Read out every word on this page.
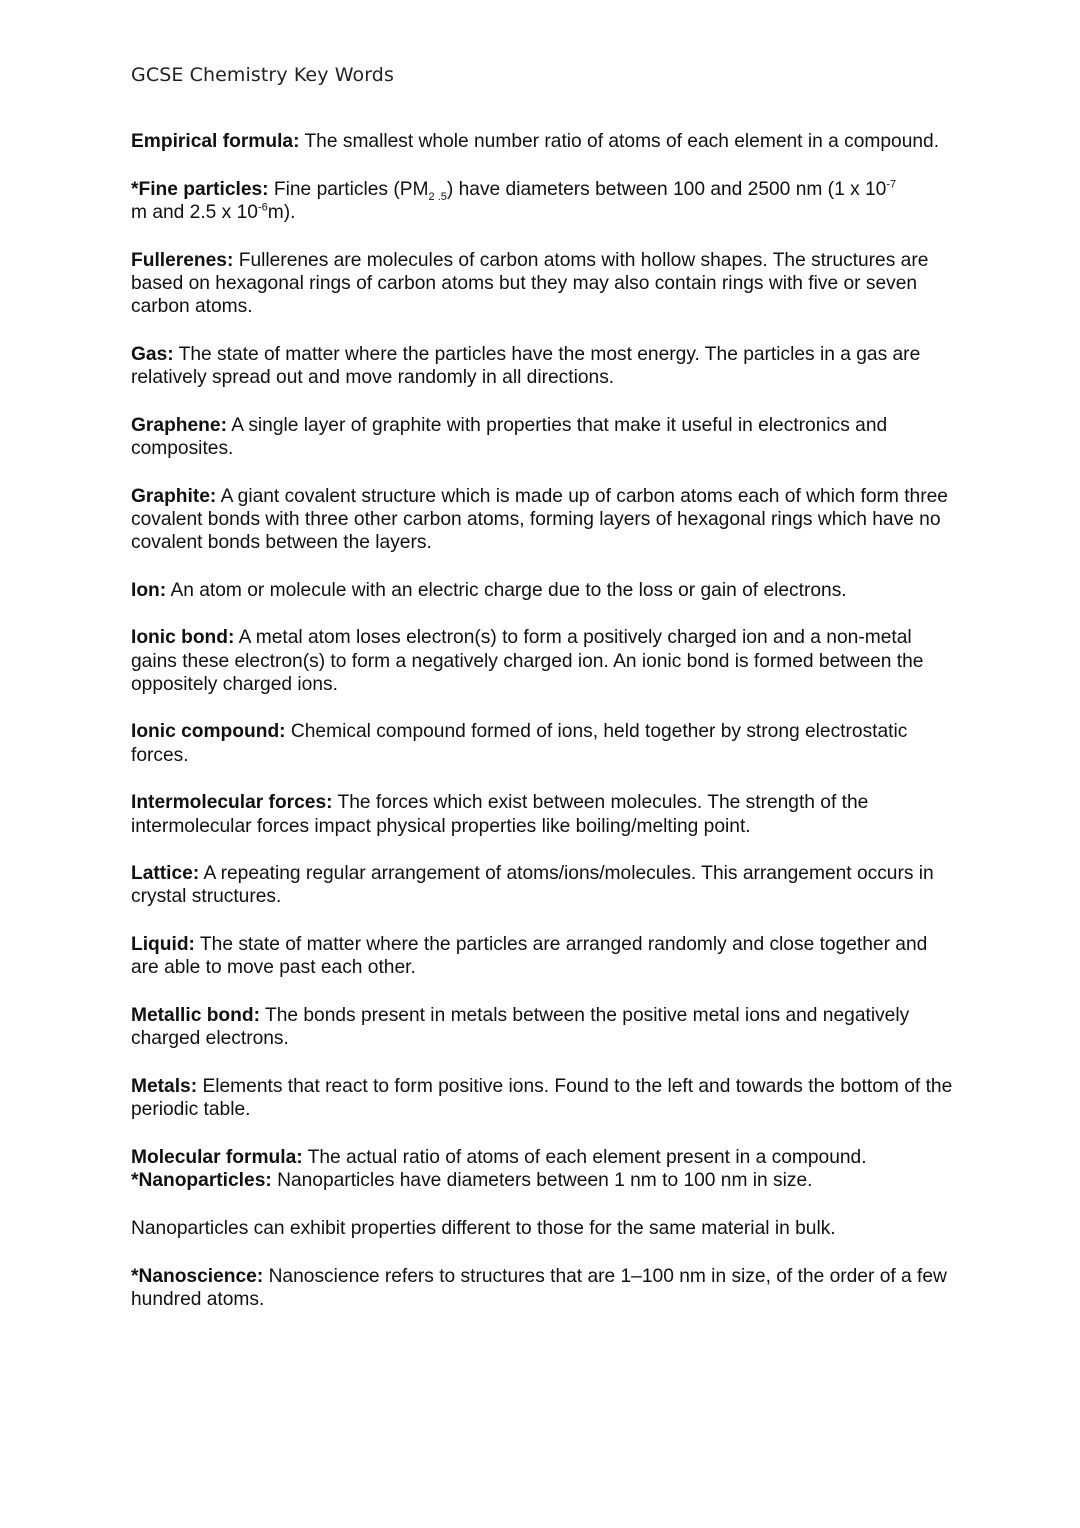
GCSE Chemistry Key Words

Empirical formula: The smallest whole number ratio of atoms of each element in a compound.

*Fine particles: Fine particles $(PM_{2 .5})$ have diameters between 100 and 2500 nm (1 x $10^{-7}$
m and 2.5 x $10^{-6}m$).

Fullerenes: Fullerenes are molecules of carbon atoms with hollow shapes. The structures are based on hexagonal rings of carbon atoms but they may also contain rings with five or seven carbon atoms.

Gas: The state of matter where the particles have the most energy. The particles in a gas are relatively spread out and move randomly in all directions.

Graphene: A single layer of graphite with properties that make it useful in electronics and composites.

Graphite: A giant covalent structure which is made up of carbon atoms each of which form three covalent bonds with three other carbon atoms, forming layers of hexagonal rings which have no covalent bonds between the layers.

Ion: An atom or molecule with an electric charge due to the loss or gain of electrons.

Ionic bond: A metal atom loses electron(s) to form a positively charged ion and a non-metal gains these electron(s) to form a negatively charged ion. An ionic bond is formed between the oppositely charged ions.

Ionic compound: Chemical compound formed of ions, held together by strong electrostatic forces.

Intermolecular forces: The forces which exist between molecules. The strength of the intermolecular forces impact physical properties like boiling/melting point.

Lattice: A repeating regular arrangement of atoms/ions/molecules. This arrangement occurs in crystal structures.

Liquid: The state of matter where the particles are arranged randomly and close together and are able to move past each other.

Metallic bond: The bonds present in metals between the positive metal ions and negatively charged electrons.

Metals: Elements that react to form positive ions. Found to the left and towards the bottom of the periodic table.

Molecular formula: The actual ratio of atoms of each element present in a compound.

*Nanoparticles: Nanoparticles have diameters between 1 nm to 100 nm in size.

Nanoparticles can exhibit properties different to those for the same material in bulk.

*Nanoscience: Nanoscience refers to structures that are 1–100 nm in size, of the order of a few hundred atoms.
